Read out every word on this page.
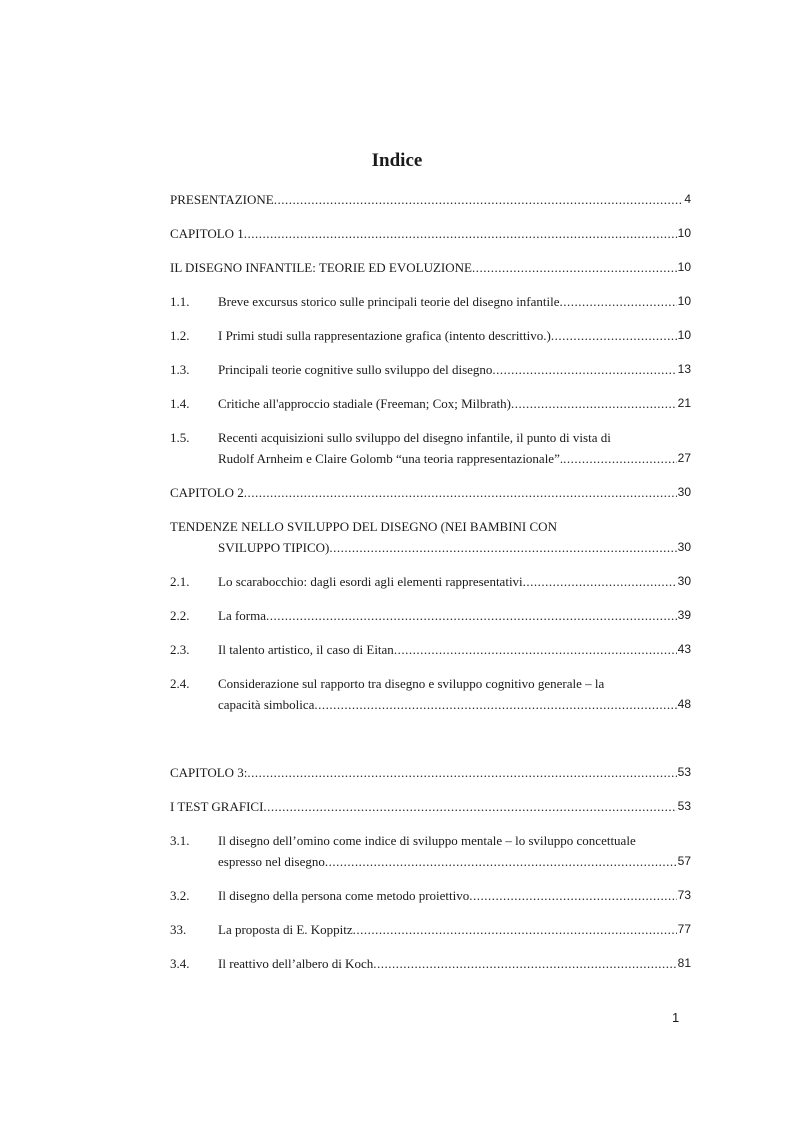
Indice
PRESENTAZIONE .....	4
CAPITOLO 1 .....	10
IL DISEGNO INFANTILE: TEORIE ED EVOLUZIONE .....	10
1.1.	Breve excursus storico sulle principali teorie del disegno infantile .....	10
1.2.	I Primi studi sulla rappresentazione grafica (intento descrittivo.) .....	10
1.3.	Principali teorie cognitive sullo sviluppo del disegno .....	13
1.4.	Critiche all'approccio stadiale (Freeman; Cox; Milbrath) .....	21
1.5. Recenti acquisizioni sullo sviluppo del disegno infantile, il punto di vista di
Rudolf Arnheim e Claire Golomb “una teoria rappresentazionale”. .....	27
CAPITOLO 2 .....	30
TENDENZE NELLO SVILUPPO DEL DISEGNO (NEI BAMBINI CON
SVILUPPO TIPICO) .....	30
2.1.	Lo scarabocchio: dagli esordi agli elementi rappresentativi .....	30
2.2.	La forma .....	39
2.3.	Il talento artistico, il caso di Eitan .....	43
2.4. Considerazione sul rapporto tra disegno e sviluppo cognitivo generale – la
capacità simbolica .....	48
CAPITOLO 3: .....	53
I TEST GRAFICI .....	53
3.1. Il disegno dell’omino come indice di sviluppo mentale – lo sviluppo concettuale
espresso nel disegno .....	57
3.2.	Il disegno della persona come metodo proiettivo .....	73
33.	La proposta di E. Koppitz .....	77
3.4.	Il reattivo dell’albero di Koch .....	81
1
